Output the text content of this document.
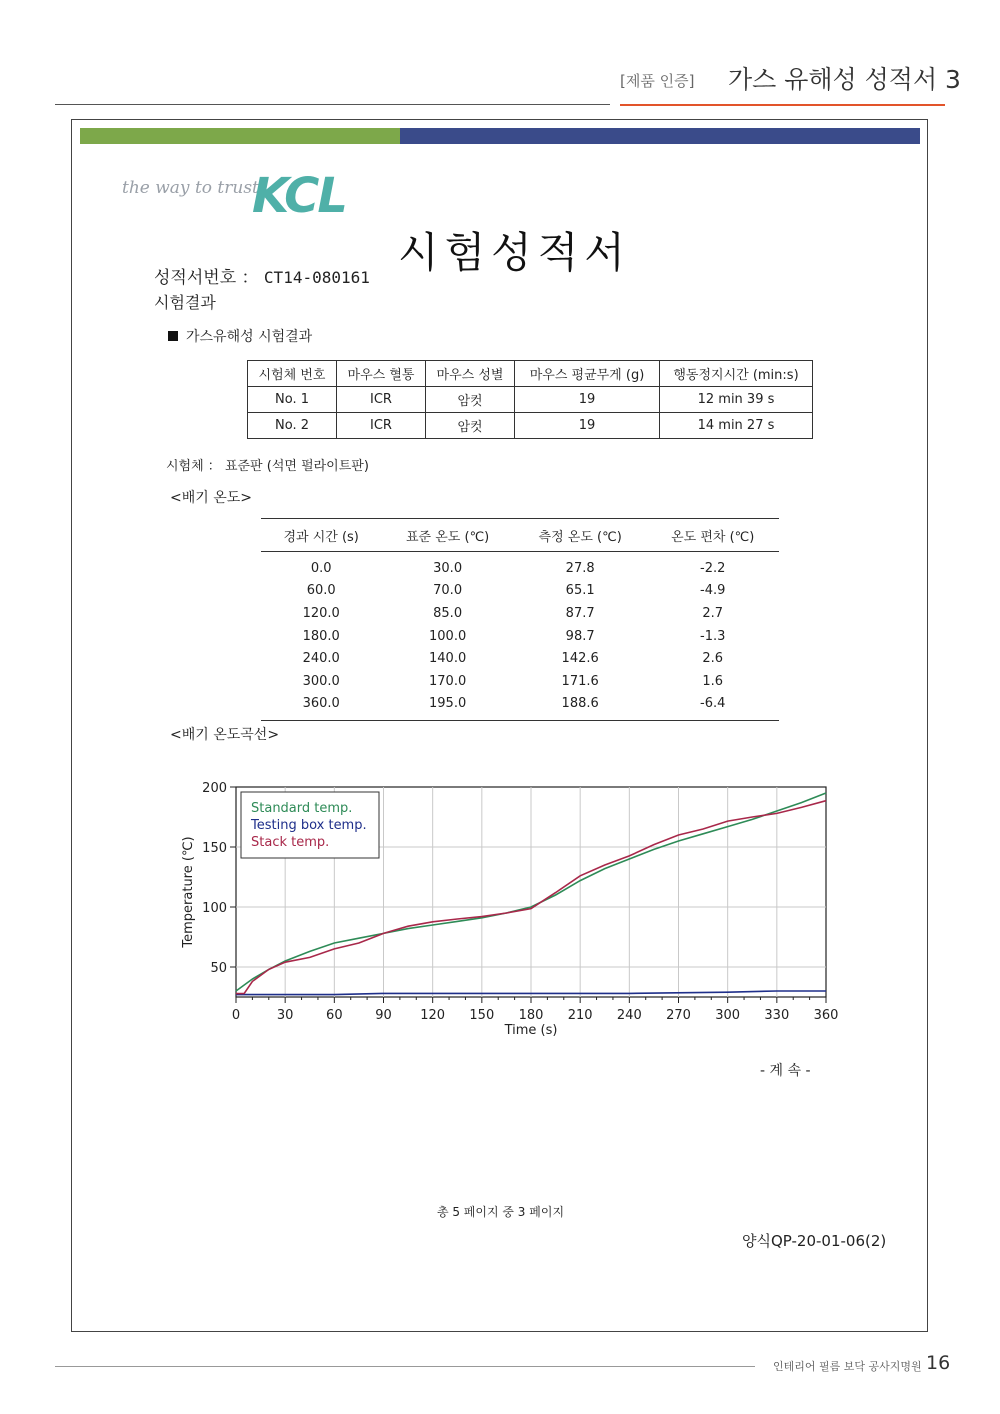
[제품 인증] 가스 유해성 성적서 3
the way to trust
KCL
시험성적서
성적서번호 ： CT14-080161
시험결과
가스유해성 시험결과
시험체 번호	마우스 혈통	마우스 성별	마우스 평균무게 (g)	행동정지시간 (min:s)
No. 1	ICR	암컷	19	12 min 39 s
No. 2	ICR	암컷	19	14 min 27 s
시험체 ： 표준판 (석면 펄라이트판)
<배기 온도>
경과 시간 (s)	표준 온도 (℃)	측정 온도 (℃)	온도 편차 (℃)
0.0	30.0	27.8	-2.2
60.0	70.0	65.1	-4.9
120.0	85.0	87.7	2.7
180.0	100.0	98.7	-1.3
240.0	140.0	142.6	2.6
300.0	170.0	171.6	1.6
360.0	195.0	188.6	-6.4
<배기 온도곡선>
0	30	60	90 120 150 180 210 240 270 300 330 360
50
100
150
200
Time (s)
Temperature (℃)
Standard temp.
Testing box temp.
Stack temp.
- 계 속 -
총 5 페이지 중 3 페이지
양식QP-20-01-06(2)
인테리어 필름 보닥 공사지명원 16
